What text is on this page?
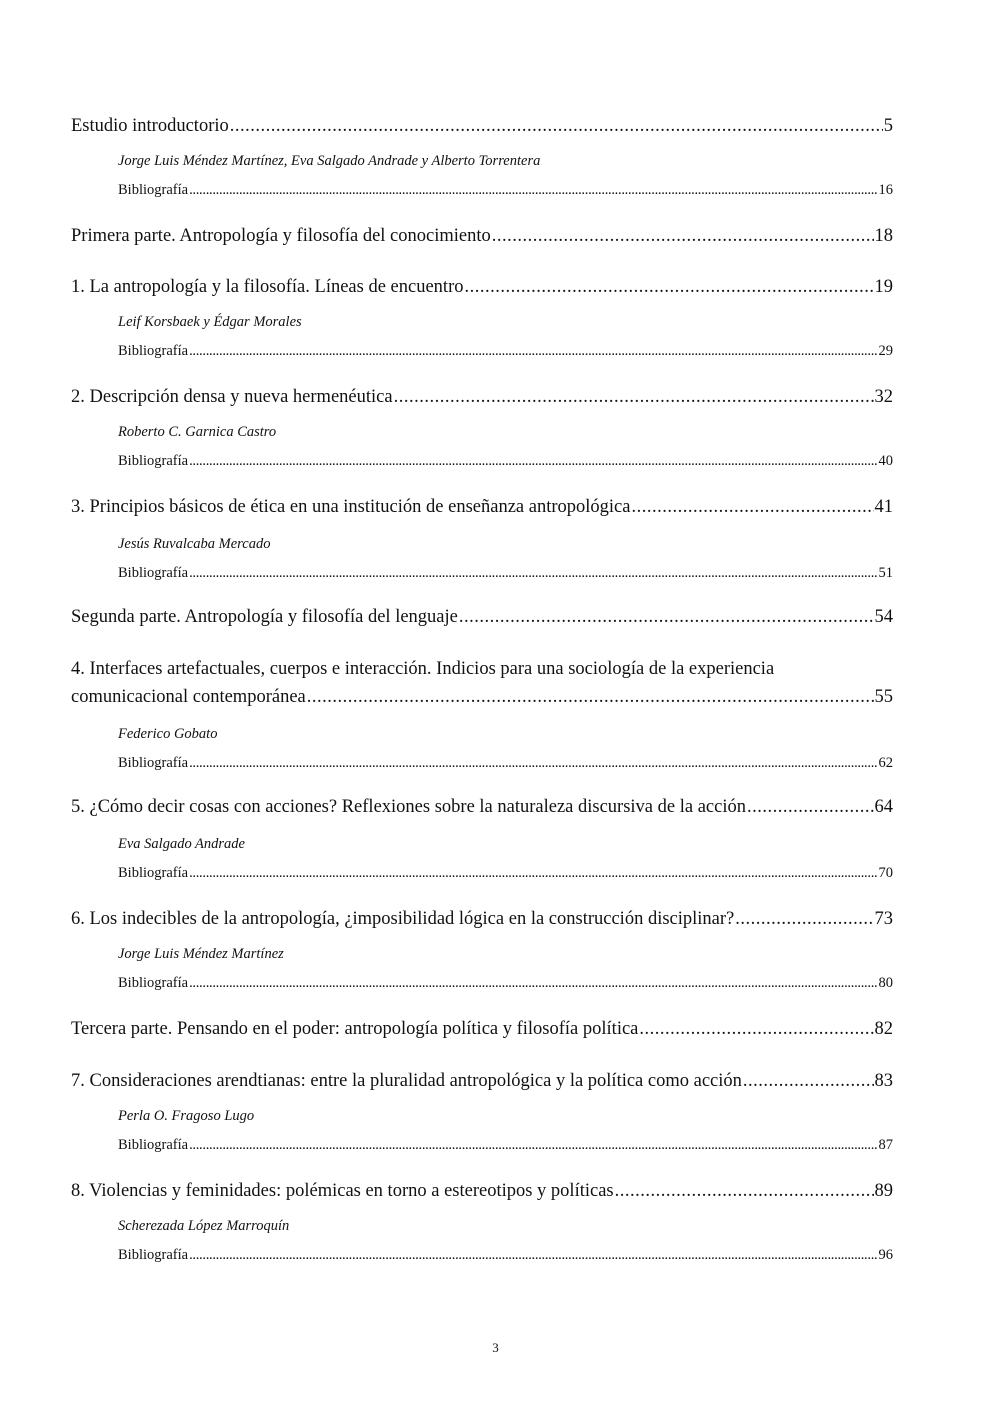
Estudio introductorio .....	5
Jorge Luis Méndez Martínez, Eva Salgado Andrade y Alberto Torrentera
Bibliografía .....	16
Primera parte. Antropología y filosofía del conocimiento .....	18
1. La antropología y la filosofía. Líneas de encuentro .....	19
Leif Korsbaek y Édgar Morales
Bibliografía .....	29
2. Descripción densa y nueva hermenéutica .....	32
Roberto C. Garnica Castro
Bibliografía .....	40
3. Principios básicos de ética en una institución de enseñanza antropológica .....	41
Jesús Ruvalcaba Mercado
Bibliografía .....	51
Segunda parte. Antropología y filosofía del lenguaje .....	54
4. Interfaces artefactuales, cuerpos e interacción. Indicios para una sociología de la experiencia
comunicacional contemporánea .....	55
Federico Gobato
Bibliografía .....	62
5. ¿Cómo decir cosas con acciones? Reflexiones sobre la naturaleza discursiva de la acción .....	64
Eva Salgado Andrade
Bibliografía .....	70
6. Los indecibles de la antropología, ¿imposibilidad lógica en la construcción disciplinar? .....	73
Jorge Luis Méndez Martínez
Bibliografía .....	80
Tercera parte. Pensando en el poder: antropología política y filosofía política .....	82
7. Consideraciones arendtianas: entre la pluralidad antropológica y la política como acción .....	83
Perla O. Fragoso Lugo
Bibliografía .....	87
8. Violencias y feminidades: polémicas en torno a estereotipos y políticas .....	89
Scherezada López Marroquín
Bibliografía .....	96
3
